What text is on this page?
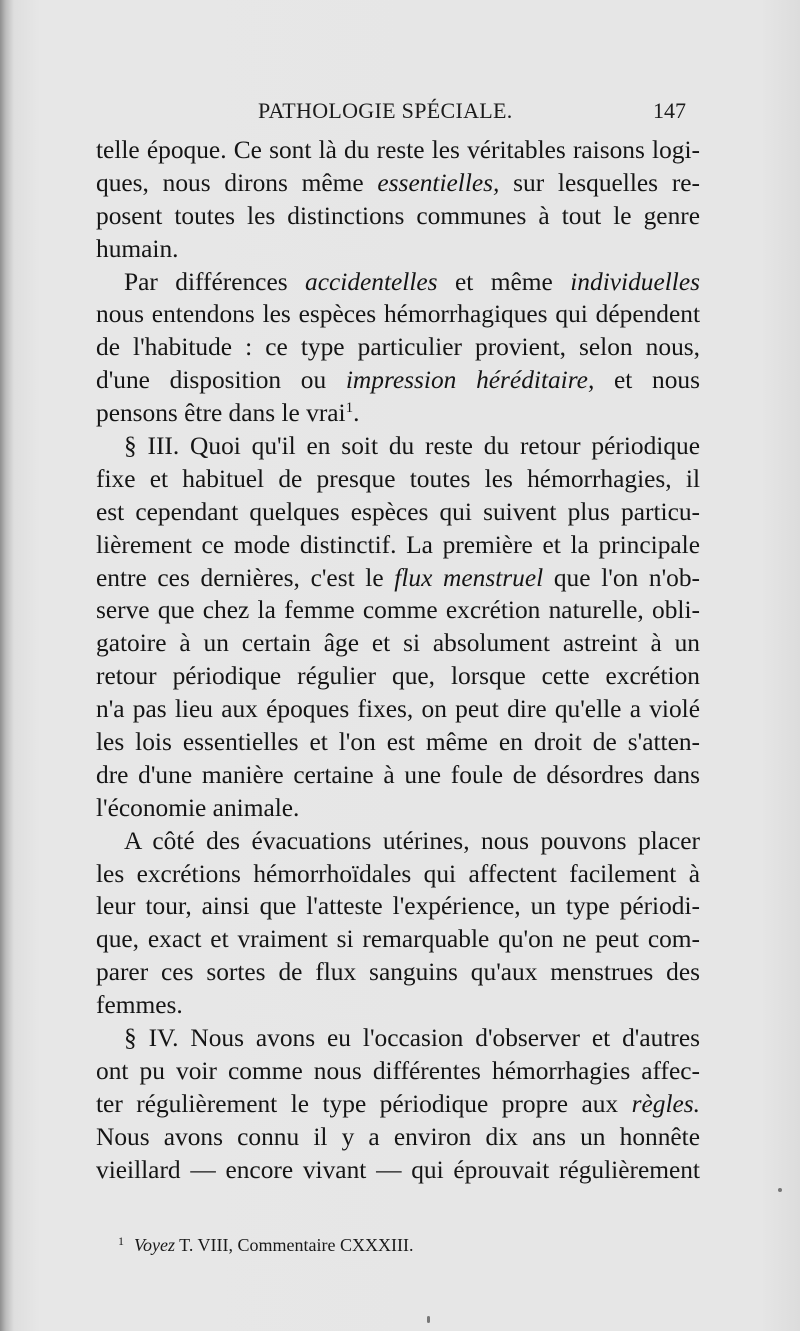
PATHOLOGIE SPÉCIALE.	147
telle époque. Ce sont là du reste les véritables raisons logi-
ques, nous dirons même essentielles, sur lesquelles re-
posent toutes les distinctions communes à tout le genre
humain.
Par différences accidentelles et même individuelles
nous entendons les espèces hémorrhagiques qui dépendent
de l'habitude : ce type particulier provient, selon nous,
d'une disposition ou impression héréditaire, et nous
pensons être dans le vrai$^1$.
§ III. Quoi qu'il en soit du reste du retour périodique
fixe et habituel de presque toutes les hémorrhagies, il
est cependant quelques espèces qui suivent plus particu-
lièrement ce mode distinctif. La première et la principale
entre ces dernières, c'est le flux menstruel que l'on n'ob-
serve que chez la femme comme excrétion naturelle, obli-
gatoire à un certain âge et si absolument astreint à un
retour périodique régulier que, lorsque cette excrétion
n'a pas lieu aux époques fixes, on peut dire qu'elle a violé
les lois essentielles et l'on est même en droit de s'atten-
dre d'une manière certaine à une foule de désordres dans
l'économie animale.
A côté des évacuations utérines, nous pouvons placer
les excrétions hémorrhoïdales qui affectent facilement à
leur tour, ainsi que l'atteste l'expérience, un type périodi-
que, exact et vraiment si remarquable qu'on ne peut com-
parer ces sortes de flux sanguins qu'aux menstrues des
femmes.
§ IV. Nous avons eu l'occasion d'observer et d'autres
ont pu voir comme nous différentes hémorrhagies affec-
ter régulièrement le type périodique propre aux règles.
Nous avons connu il y a environ dix ans un honnête
vieillard — encore vivant — qui éprouvait régulièrement
$^1$ Voyez T. VIII, Commentaire CXXXIII.
